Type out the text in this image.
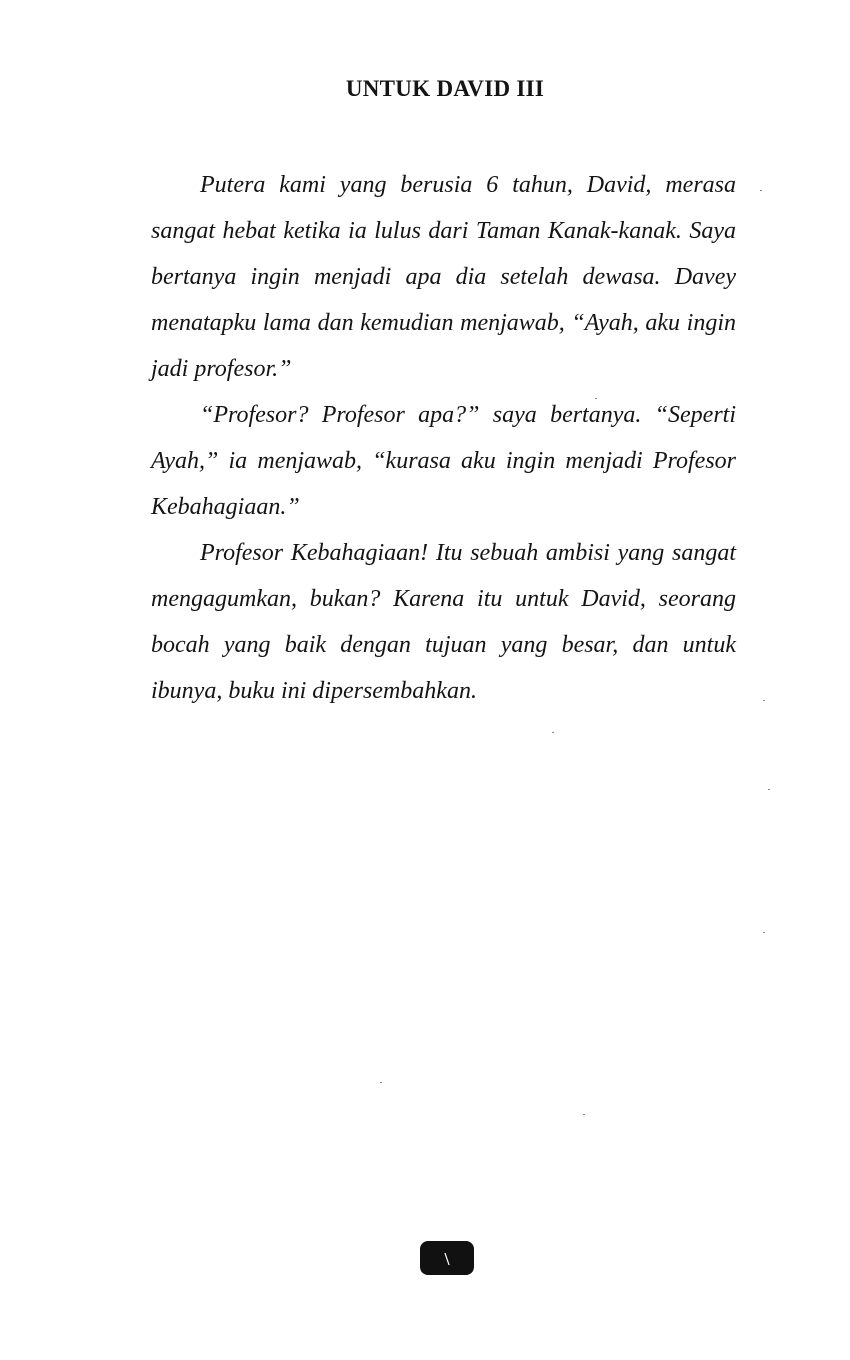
UNTUK DAVID III

Putera kami yang berusia 6 tahun, David, merasa sangat hebat ketika ia lulus dari Taman Kanak-kanak. Saya bertanya ingin menjadi apa dia setelah dewasa. Davey menatapku lama dan kemudian menjawab, “Ayah, aku ingin jadi profesor.”

“Profesor? Profesor apa?” saya bertanya. “Seperti Ayah,” ia menjawab, “kurasa aku ingin menjadi Profesor Kebahagiaan.”

Profesor Kebahagiaan! Itu sebuah ambisi yang sangat mengagumkan, bukan? Karena itu untuk David, seorang bocah yang baik dengan tujuan yang besar, dan untuk ibunya, buku ini dipersembahkan.

\
